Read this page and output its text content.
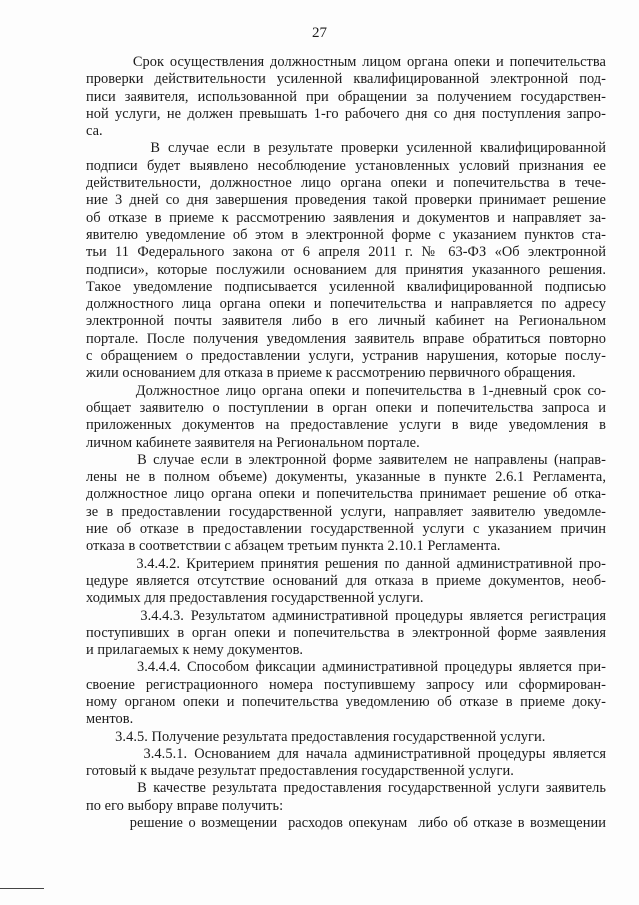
27
Срок осуществления должностным лицом органа опеки и попечительства
проверки действительности усиленной квалифицированной электронной под-
писи заявителя, использованной при обращении за получением государствен-
ной услуги, не должен превышать 1-го рабочего дня со дня поступления запро-
са.
В случае если в результате проверки усиленной квалифицированной
подписи будет выявлено несоблюдение установленных условий признания ее
действительности, должностное лицо органа опеки и попечительства в тече-
ние 3 дней со дня завершения проведения такой проверки принимает решение
об отказе в приеме к рассмотрению заявления и документов и направляет за-
явителю уведомление об этом в электронной форме с указанием пунктов ста-
тьи 11 Федерального закона от 6 апреля 2011 г. № 63-ФЗ «Об электронной
подписи», которые послужили основанием для принятия указанного решения.
Такое уведомление подписывается усиленной квалифицированной подписью
должностного лица органа опеки и попечительства и направляется по адресу
электронной почты заявителя либо в его личный кабинет на Региональном
портале. После получения уведомления заявитель вправе обратиться повторно
с обращением о предоставлении услуги, устранив нарушения, которые послу-
жили основанием для отказа в приеме к рассмотрению первичного обращения.
Должностное лицо органа опеки и попечительства в 1-дневный срок со-
общает заявителю о поступлении в орган опеки и попечительства запроса и
приложенных документов на предоставление услуги в виде уведомления в
личном кабинете заявителя на Региональном портале.
В случае если в электронной форме заявителем не направлены (направ-
лены не в полном объеме) документы, указанные в пункте 2.6.1 Регламента,
должностное лицо органа опеки и попечительства принимает решение об отка-
зе в предоставлении государственной услуги, направляет заявителю уведомле-
ние об отказе в предоставлении государственной услуги с указанием причин
отказа в соответствии с абзацем третьим пункта 2.10.1 Регламента.
3.4.4.2. Критерием принятия решения по данной административной про-
цедуре является отсутствие оснований для отказа в приеме документов, необ-
ходимых для предоставления государственной услуги.
3.4.4.3. Результатом административной процедуры является регистрация
поступивших в орган опеки и попечительства в электронной форме заявления
и прилагаемых к нему документов.
3.4.4.4. Способом фиксации административной процедуры является при-
своение регистрационного номера поступившему запросу или сформирован-
ному органом опеки и попечительства уведомлению об отказе в приеме доку-
ментов.
3.4.5. Получение результата предоставления государственной услуги.
3.4.5.1. Основанием для начала административной процедуры является
готовый к выдаче результат предоставления государственной услуги.
В качестве результата предоставления государственной услуги заявитель
по его выбору вправе получить:
решение о возмещении  расходов опекунам  либо об отказе в возмещении
